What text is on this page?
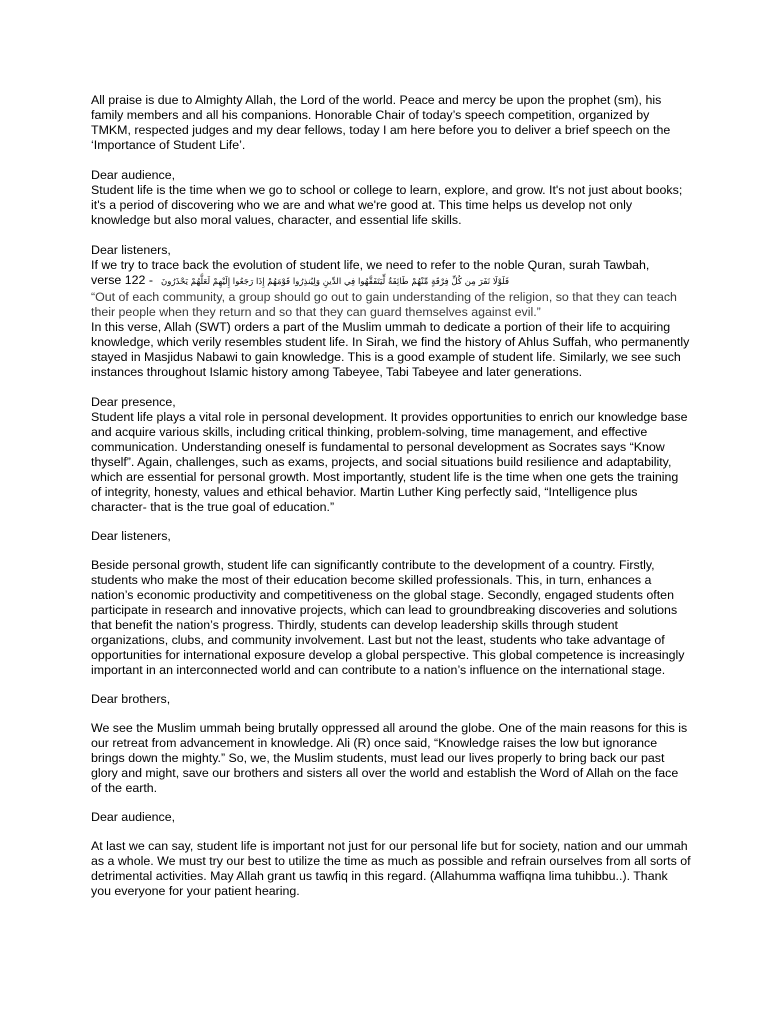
All praise is due to Almighty Allah, the Lord of the world. Peace and mercy be upon the prophet (sm), his family members and all his companions. Honorable Chair of today’s speech competition, organized by TMKM, respected judges and my dear fellows, today I am here before you to deliver a brief speech on the ‘Importance of Student Life’.

Dear audience,

Student life is the time when we go to school or college to learn, explore, and grow. It's not just about books; it's a period of discovering who we are and what we're good at. This time helps us develop not only knowledge but also moral values, character, and essential life skills.

Dear listeners,

If we try to trace back the evolution of student life, we need to refer to the noble Quran, surah Tawbah,

verse 122 - فَلَوْلَا نَفَرَ مِن كُلِّ فِرْقَةٍ مِّنْهُمْ طَائِفَةٌ لِّيَتَفَقَّهُوا فِي الدِّينِ وَلِيُنذِرُوا قَوْمَهُمْ إِذَا رَجَعُوا إِلَيْهِمْ لَعَلَّهُمْ يَحْذَرُونَ

“Out of each community, a group should go out to gain understanding of the religion, so that they can teach their people when they return and so that they can guard themselves against evil.”

In this verse, Allah (SWT) orders a part of the Muslim ummah to dedicate a portion of their life to acquiring knowledge, which verily resembles student life. In Sirah, we find the history of Ahlus Suffah, who permanently stayed in Masjidus Nabawi to gain knowledge. This is a good example of student life. Similarly, we see such instances throughout Islamic history among Tabeyee, Tabi Tabeyee and later generations.

Dear presence,

Student life plays a vital role in personal development. It provides opportunities to enrich our knowledge base and acquire various skills, including critical thinking, problem-solving, time management, and effective communication. Understanding oneself is fundamental to personal development as Socrates says “Know thyself”. Again, challenges, such as exams, projects, and social situations build resilience and adaptability, which are essential for personal growth. Most importantly, student life is the time when one gets the training of integrity, honesty, values and ethical behavior. Martin Luther King perfectly said, “Intelligence plus character- that is the true goal of education.”

Dear listeners,

Beside personal growth, student life can significantly contribute to the development of a country. Firstly, students who make the most of their education become skilled professionals. This, in turn, enhances a nation’s economic productivity and competitiveness on the global stage. Secondly, engaged students often participate in research and innovative projects, which can lead to groundbreaking discoveries and solutions that benefit the nation’s progress. Thirdly, students can develop leadership skills through student organizations, clubs, and community involvement. Last but not the least, students who take advantage of opportunities for international exposure develop a global perspective. This global competence is increasingly important in an interconnected world and can contribute to a nation’s influence on the international stage.

Dear brothers,

We see the Muslim ummah being brutally oppressed all around the globe. One of the main reasons for this is our retreat from advancement in knowledge. Ali (R) once said, “Knowledge raises the low but ignorance brings down the mighty.” So, we, the Muslim students, must lead our lives properly to bring back our past glory and might, save our brothers and sisters all over the world and establish the Word of Allah on the face of the earth.

Dear audience,

At last we can say, student life is important not just for our personal life but for society, nation and our ummah as a whole. We must try our best to utilize the time as much as possible and refrain ourselves from all sorts of detrimental activities. May Allah grant us tawfiq in this regard. (Allahumma waffiqna lima tuhibbu..). Thank you everyone for your patient hearing.
